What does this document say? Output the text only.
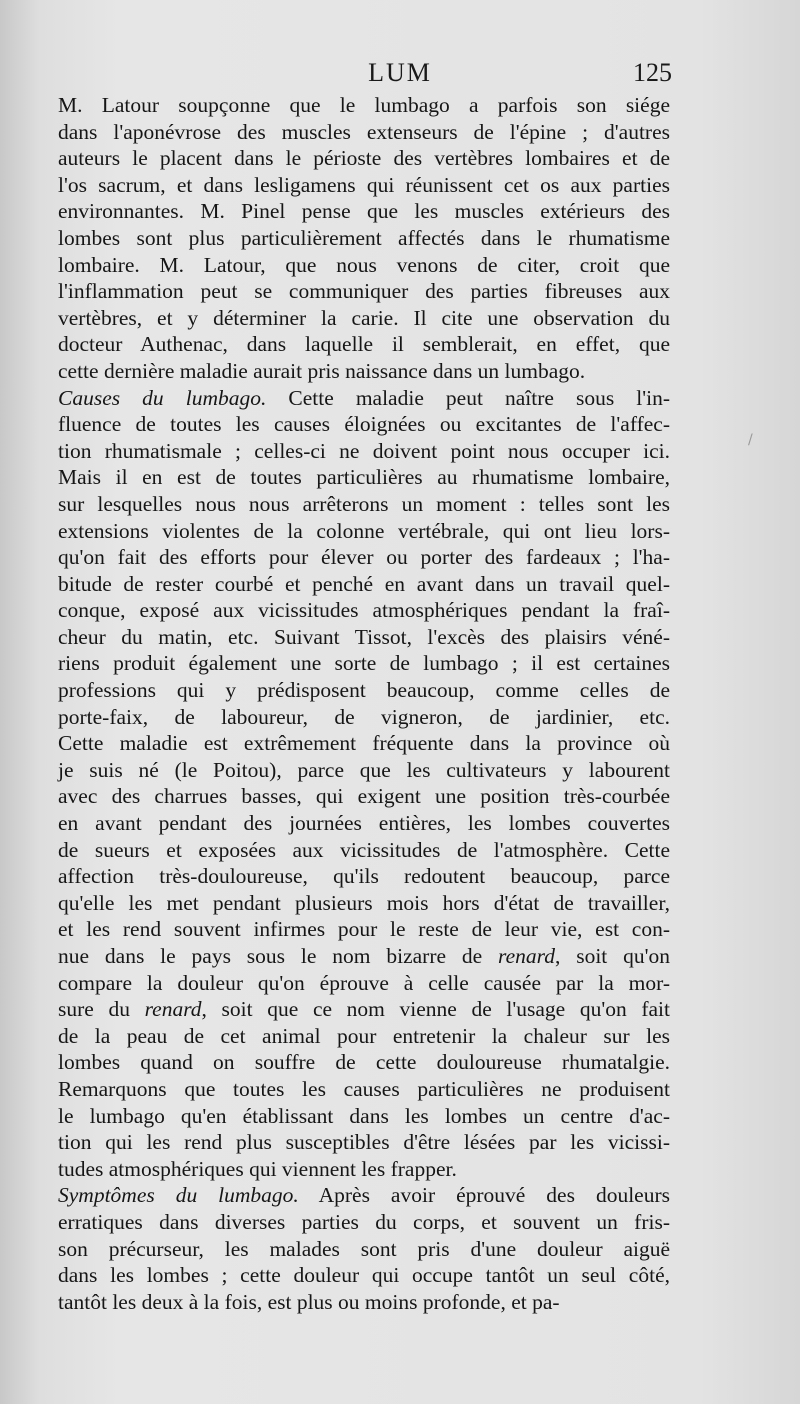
LUM	125
M. Latour soupçonne que le lumbago a parfois son siége
dans l'aponévrose des muscles extenseurs de l'épine ; d'autres
auteurs le placent dans le périoste des vertèbres lombaires et de
l'os sacrum, et dans lesligamens qui réunissent cet os aux parties
environnantes. M. Pinel pense que les muscles extérieurs des
lombes sont plus particulièrement affectés dans le rhumatisme
lombaire. M. Latour, que nous venons de citer, croit que
l'inflammation peut se communiquer des parties fibreuses aux
vertèbres, et y déterminer la carie. Il cite une observation du
docteur Authenac, dans laquelle il semblerait, en effet, que
cette dernière maladie aurait pris naissance dans un lumbago.
Causes du lumbago. Cette maladie peut naître sous l'in-
fluence de toutes les causes éloignées ou excitantes de l'affec-
tion rhumatismale ; celles-ci ne doivent point nous occuper ici.
Mais il en est de toutes particulières au rhumatisme lombaire,
sur lesquelles nous nous arrêterons un moment : telles sont les
extensions violentes de la colonne vertébrale, qui ont lieu lors-
qu'on fait des efforts pour élever ou porter des fardeaux ; l'ha-
bitude de rester courbé et penché en avant dans un travail quel-
conque, exposé aux vicissitudes atmosphériques pendant la fraî-
cheur du matin, etc. Suivant Tissot, l'excès des plaisirs véné-
riens produit également une sorte de lumbago ; il est certaines
professions qui y prédisposent beaucoup, comme celles de
porte-faix, de laboureur, de vigneron, de jardinier, etc.
Cette maladie est extrêmement fréquente dans la province où
je suis né (le Poitou), parce que les cultivateurs y labourent
avec des charrues basses, qui exigent une position très-courbée
en avant pendant des journées entières, les lombes couvertes
de sueurs et exposées aux vicissitudes de l'atmosphère. Cette
affection très-douloureuse, qu'ils redoutent beaucoup, parce
qu'elle les met pendant plusieurs mois hors d'état de travailler,
et les rend souvent infirmes pour le reste de leur vie, est con-
nue dans le pays sous le nom bizarre de renard, soit qu'on
compare la douleur qu'on éprouve à celle causée par la mor-
sure du renard, soit que ce nom vienne de l'usage qu'on fait
de la peau de cet animal pour entretenir la chaleur sur les
lombes quand on souffre de cette douloureuse rhumatalgie.
Remarquons que toutes les causes particulières ne produisent
le lumbago qu'en établissant dans les lombes un centre d'ac-
tion qui les rend plus susceptibles d'être lésées par les vicissi-
tudes atmosphériques qui viennent les frapper.
Symptômes du lumbago. Après avoir éprouvé des douleurs
erratiques dans diverses parties du corps, et souvent un fris-
son précurseur, les malades sont pris d'une douleur aiguë
dans les lombes ; cette douleur qui occupe tantôt un seul côté,
tantôt les deux à la fois, est plus ou moins profonde, et pa-
/
